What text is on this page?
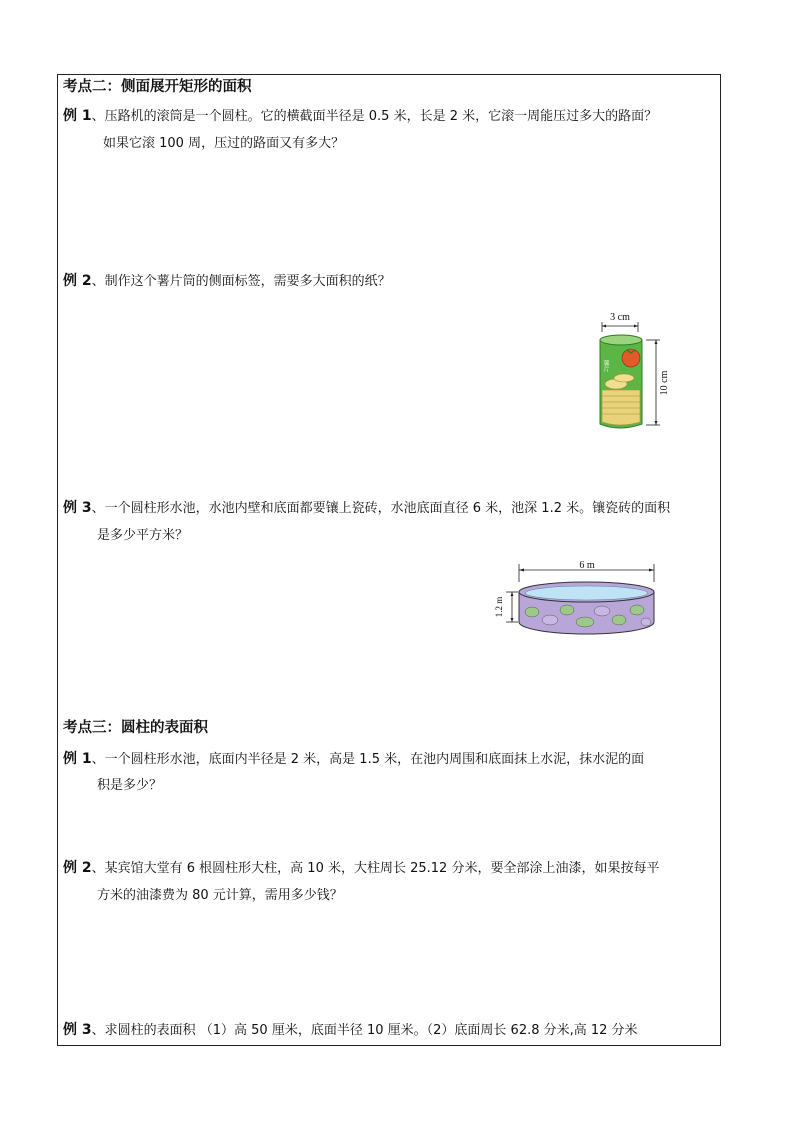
考点二：侧面展开矩形的面积
例 1、压路机的滚筒是一个圆柱。它的横截面半径是 0.5 米，长是 2 米，它滚一周能压过多大的路面？
如果它滚 100 周，压过的路面又有多大？
例 2、制作这个薯片筒的侧面标签，需要多大面积的纸？
3 cm
薯片
10 cm
例 3、一个圆柱形水池，水池内壁和底面都要镶上瓷砖，水池底面直径 6 米，池深 1.2 米。镶瓷砖的面积
是多少平方米？
6 m
1.2 m
考点三：圆柱的表面积
例 1、一个圆柱形水池，底面内半径是 2 米，高是 1.5 米，在池内周围和底面抹上水泥，抹水泥的面
积是多少？
例 2、某宾馆大堂有 6 根圆柱形大柱，高 10 米，大柱周长 25.12 分米，要全部涂上油漆，如果按每平
方米的油漆费为 80 元计算，需用多少钱？
例 3、求圆柱的表面积 （1）高 50 厘米，底面半径 10 厘米。（2）底面周长 62.8 分米,高 12 分米
